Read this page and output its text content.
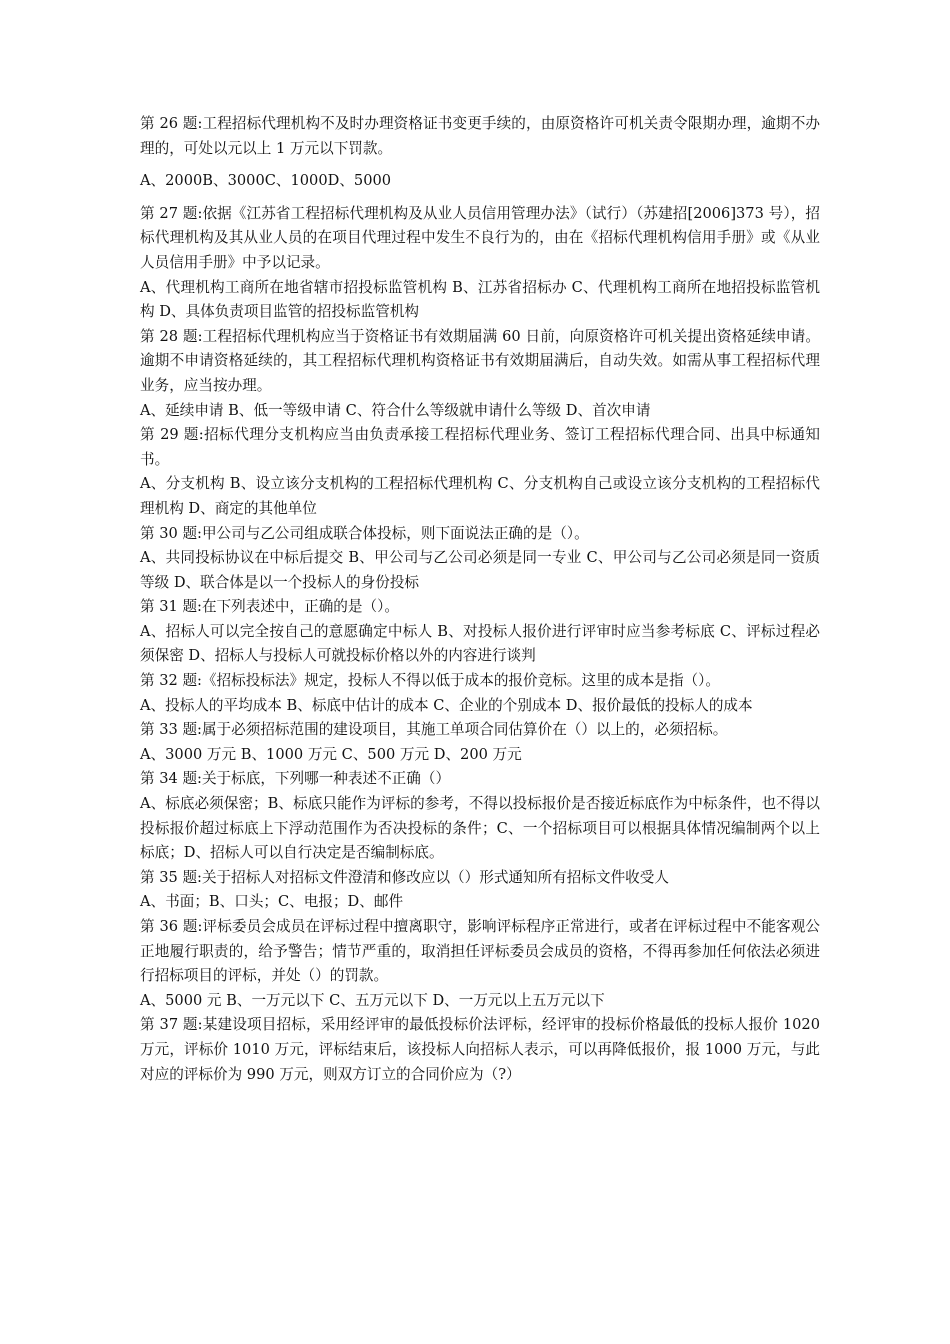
第 26 题:工程招标代理机构不及时办理资格证书变更手续的，由原资格许可机关责令限期办理，逾期不办理的，可处以元以上 1 万元以下罚款。

A、2000B、3000C、1000D、5000

第 27 题:依据《江苏省工程招标代理机构及从业人员信用管理办法》（试行）（苏建招[2006]373 号），招标代理机构及其从业人员的在项目代理过程中发生不良行为的，由在《招标代理机构信用手册》或《从业人员信用手册》中予以记录。

A、代理机构工商所在地省辖市招投标监管机构 B、江苏省招标办 C、代理机构工商所在地招投标监管机构 D、具体负责项目监管的招投标监管机构

第 28 题:工程招标代理机构应当于资格证书有效期届满 60 日前，向原资格许可机关提出资格延续申请。逾期不申请资格延续的，其工程招标代理机构资格证书有效期届满后，自动失效。如需从事工程招标代理业务，应当按办理。

A、延续申请 B、低一等级申请 C、符合什么等级就申请什么等级 D、首次申请

第 29 题:招标代理分支机构应当由负责承接工程招标代理业务、签订工程招标代理合同、出具中标通知书。

A、分支机构 B、设立该分支机构的工程招标代理机构 C、分支机构自己或设立该分支机构的工程招标代理机构 D、商定的其他单位

第 30 题:甲公司与乙公司组成联合体投标，则下面说法正确的是（）。

A、共同投标协议在中标后提交 B、甲公司与乙公司必须是同一专业 C、甲公司与乙公司必须是同一资质等级 D、联合体是以一个投标人的身份投标

第 31 题:在下列表述中，正确的是（）。

A、招标人可以完全按自己的意愿确定中标人 B、对投标人报价进行评审时应当参考标底 C、评标过程必须保密 D、招标人与投标人可就投标价格以外的内容进行谈判

第 32 题:《招标投标法》规定，投标人不得以低于成本的报价竞标。这里的成本是指（）。

A、投标人的平均成本 B、标底中估计的成本 C、企业的个别成本 D、报价最低的投标人的成本

第 33 题:属于必须招标范围的建设项目，其施工单项合同估算价在（）以上的，必须招标。

A、3000 万元 B、1000 万元 C、500 万元 D、200 万元

第 34 题:关于标底，下列哪一种表述不正确（）

A、标底必须保密；B、标底只能作为评标的参考，不得以投标报价是否接近标底作为中标条件，也不得以投标报价超过标底上下浮动范围作为否决投标的条件；C、一个招标项目可以根据具体情况编制两个以上标底；D、招标人可以自行决定是否编制标底。

第 35 题:关于招标人对招标文件澄清和修改应以（）形式通知所有招标文件收受人

A、书面；B、口头；C、电报；D、邮件

第 36 题:评标委员会成员在评标过程中擅离职守，影响评标程序正常进行，或者在评标过程中不能客观公正地履行职责的，给予警告；情节严重的，取消担任评标委员会成员的资格，不得再参加任何依法必须进行招标项目的评标，并处（）的罚款。

A、5000 元 B、一万元以下 C、五万元以下 D、一万元以上五万元以下

第 37 题:某建设项目招标，采用经评审的最低投标价法评标，经评审的投标价格最低的投标人报价 1020 万元，评标价 1010 万元，评标结束后，该投标人向招标人表示，可以再降低报价，报 1000 万元，与此对应的评标价为 990 万元，则双方订立的合同价应为（?）
